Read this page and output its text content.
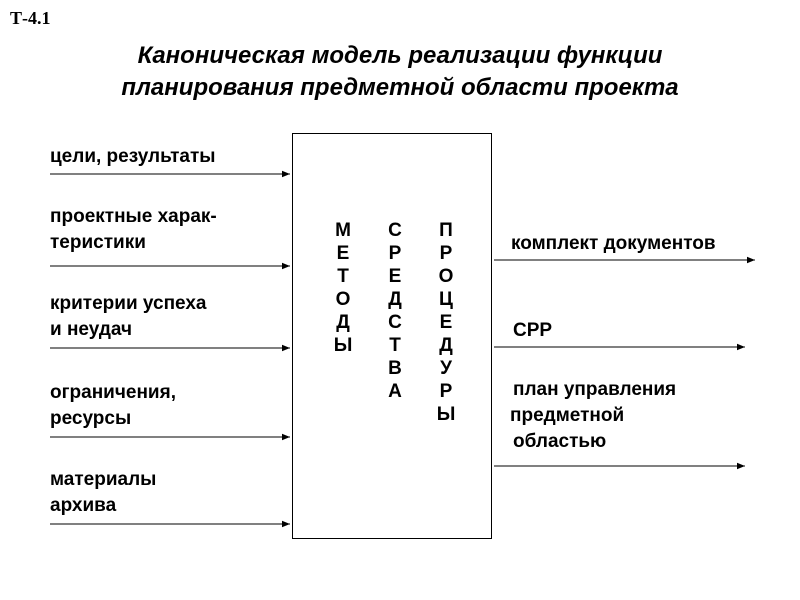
Т-4.1
Каноническая модель реализации функции
планирования предметной области проекта
цели, результаты
проектные харак-
теристики
критерии успеха
и неудач
ограничения,
ресурсы
материалы
архива
М
Е
Т
О
Д
Ы
С
Р
Е
Д
С
Т
В
А
П
Р
О
Ц
Е
Д
У
Р
Ы
комплект документов
СРР
план управления
предметной
областью
